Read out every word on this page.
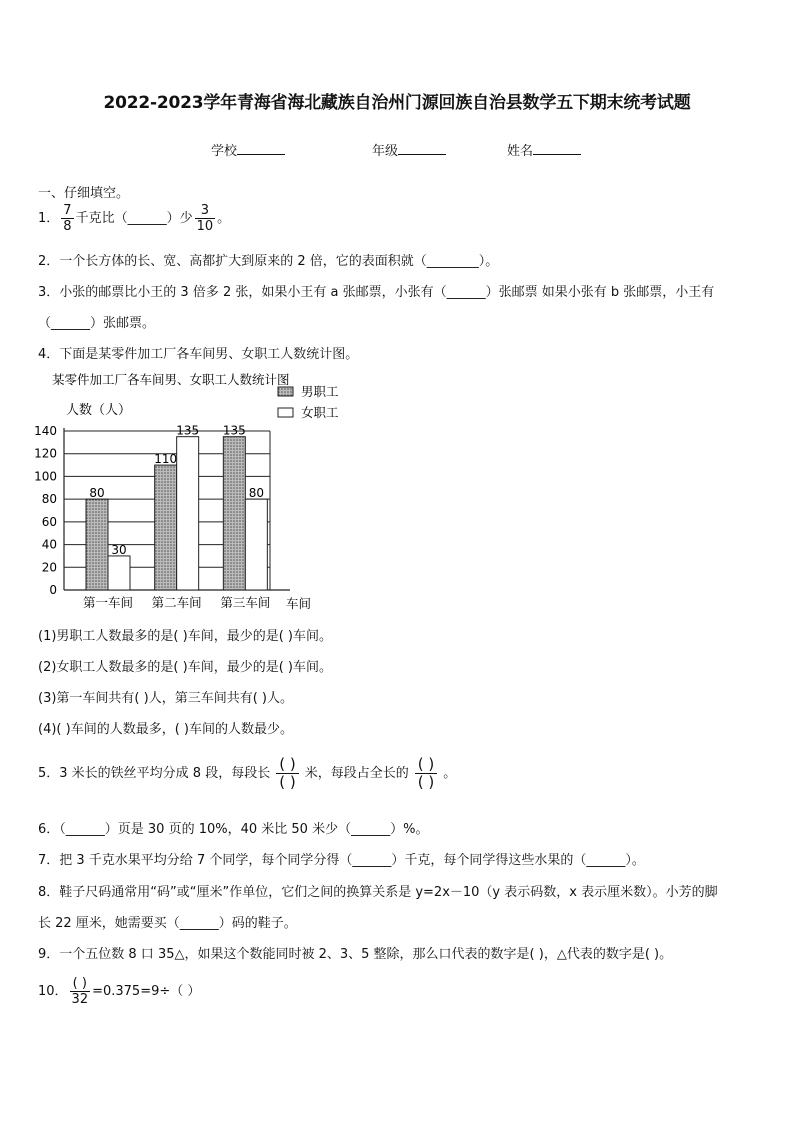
2022-2023学年青海省海北藏族自治州门源回族自治县数学五下期末统考试题
学校	年级	姓名
一、仔细填空。
1． $\frac{7}{8}$ 千克比（______）少 $\frac{3}{10}$ 。
2．一个长方体的长、宽、高都扩大到原来的 2 倍，它的表面积就（________）。
3．小张的邮票比小王的 3 倍多 2 张，如果小王有 a 张邮票，小张有（______）张邮票 如果小张有 b 张邮票，小王有
（______）张邮票。
4．下面是某零件加工厂各车间男、女职工人数统计图。
某零件加工厂各车间男、女职工人数统计图
人数（人）
车间
男职工
女职工
0
20
40
60
80
100
120
140
80
30
第一车间
110
135
第二车间
135
80
第三车间
(1)男职工人数最多的是( )车间，最少的是( )车间。
(2)女职工人数最多的是( )车间，最少的是( )车间。
(3)第一车间共有( )人，第三车间共有( )人。
(4)( )车间的人数最多，( )车间的人数最少。
5．3 米长的铁丝平均分成 8 段，每段长 $\frac{( )}{( )}$ 米，每段占全长的 $\frac{( )}{( )}$ 。
6．（______）页是 30 页的 10%，40 米比 50 米少（______）%。
7．把 3 千克水果平均分给 7 个同学，每个同学分得（______）千克，每个同学得这些水果的（______）。
8．鞋子尺码通常用“码”或“厘米”作单位，它们之间的换算关系是 y=2x－10（y 表示码数，x 表示厘米数）。小芳的脚
长 22 厘米，她需要买（______）码的鞋子。
9．一个五位数 8 口 35△，如果这个数能同时被 2、3、5 整除，那么口代表的数字是( )，△代表的数字是( )。
10． $\frac{( )}{32} =0.375=9\div$（ ）
